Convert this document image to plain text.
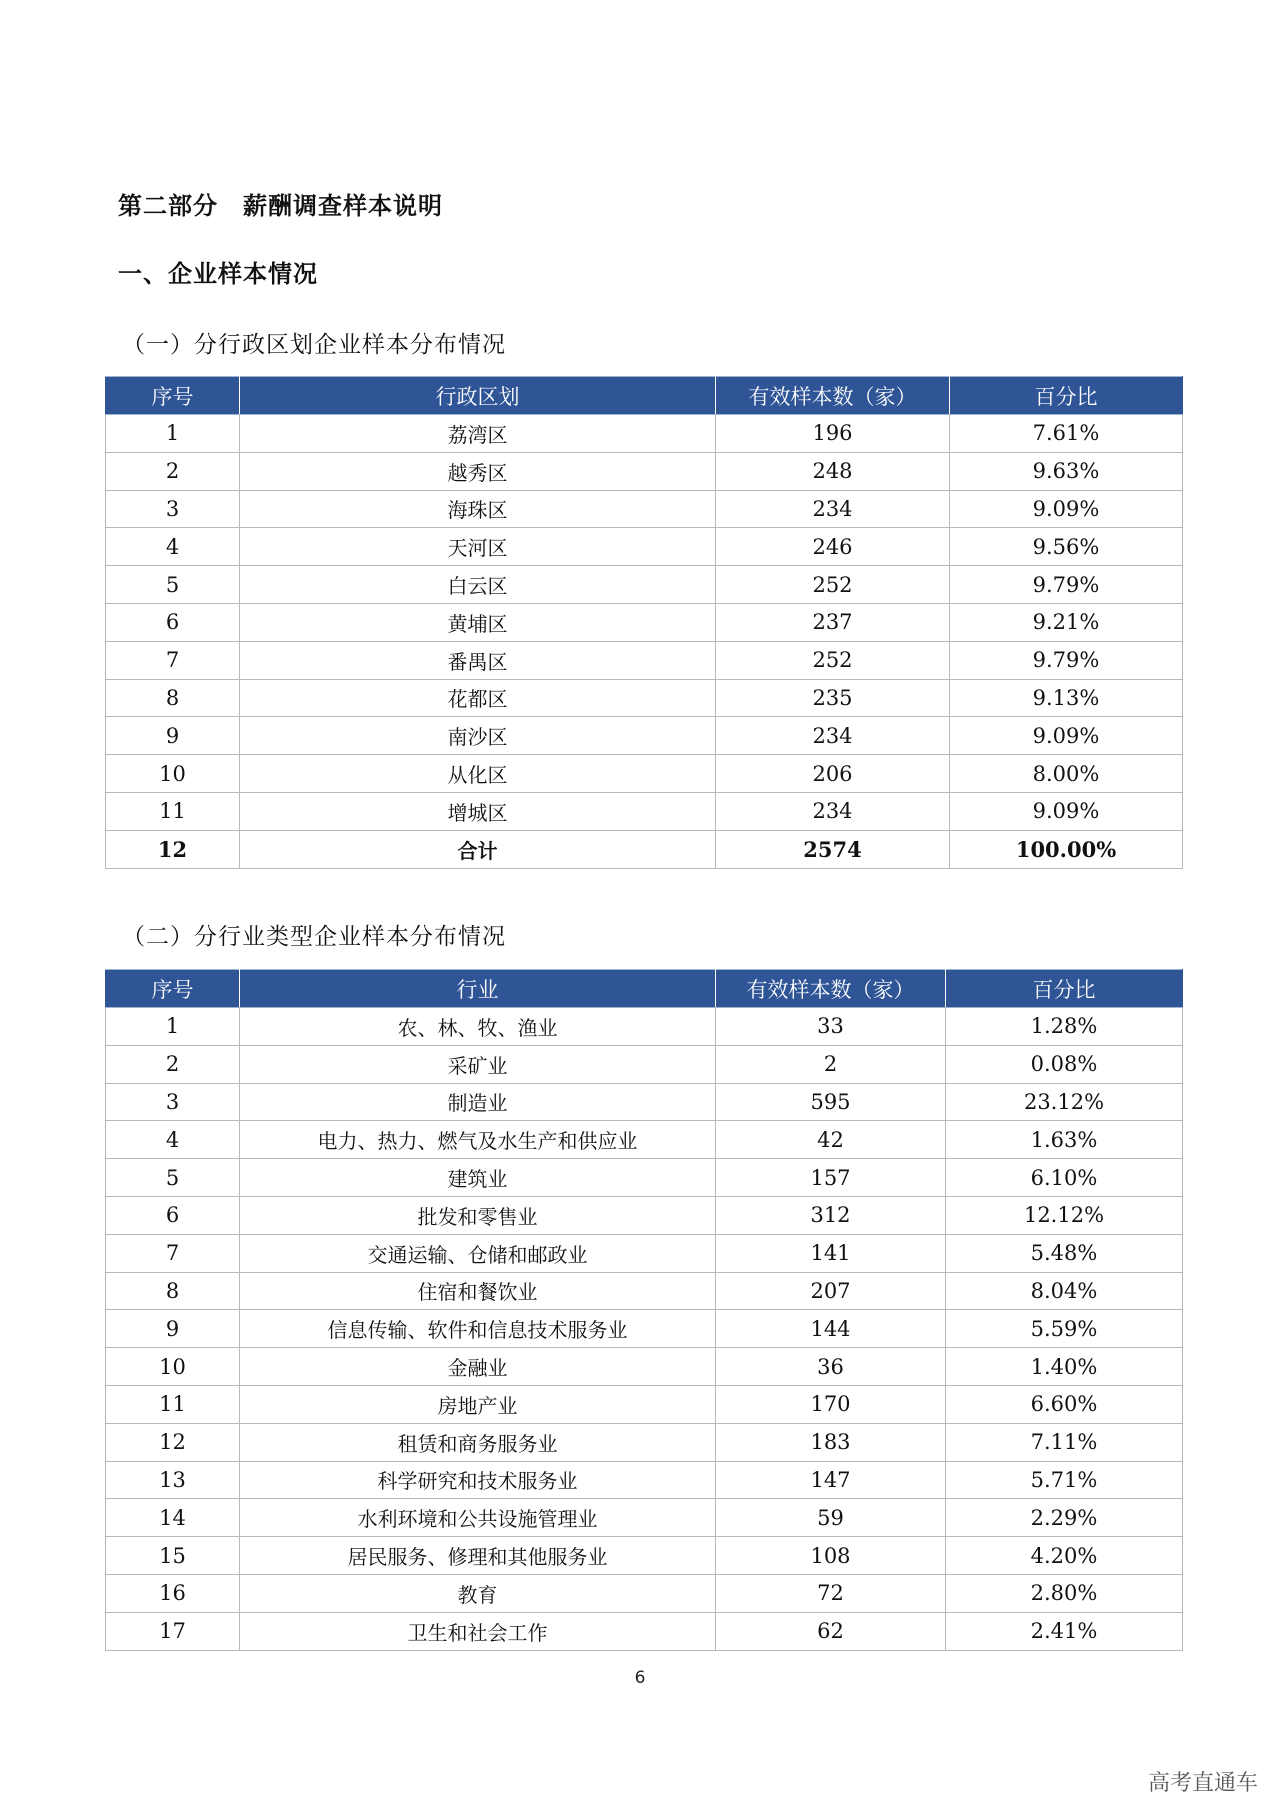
第二部分　薪酬调查样本说明
一、企业样本情况
（一）分行政区划企业样本分布情况
序号	行政区划	有效样本数（家）	百分比
1	荔湾区	196	7.61%
2	越秀区	248	9.63%
3	海珠区	234	9.09%
4	天河区	246	9.56%
5	白云区	252	9.79%
6	黄埔区	237	9.21%
7	番禺区	252	9.79%
8	花都区	235	9.13%
9	南沙区	234	9.09%
10	从化区	206	8.00%
11	增城区	234	9.09%
12	合计	2574	100.00%
（二）分行业类型企业样本分布情况
序号	行业	有效样本数（家）	百分比
1	农、林、牧、渔业	33	1.28%
2	采矿业	2	0.08%
3	制造业	595	23.12%
4	电力、热力、燃气及水生产和供应业	42	1.63%
5	建筑业	157	6.10%
6	批发和零售业	312	12.12%
7	交通运输、仓储和邮政业	141	5.48%
8	住宿和餐饮业	207	8.04%
9	信息传输、软件和信息技术服务业	144	5.59%
10	金融业	36	1.40%
11	房地产业	170	6.60%
12	租赁和商务服务业	183	7.11%
13	科学研究和技术服务业	147	5.71%
14	水利环境和公共设施管理业	59	2.29%
15	居民服务、修理和其他服务业	108	4.20%
16	教育	72	2.80%
17	卫生和社会工作	62	2.41%
6
高考直通车
